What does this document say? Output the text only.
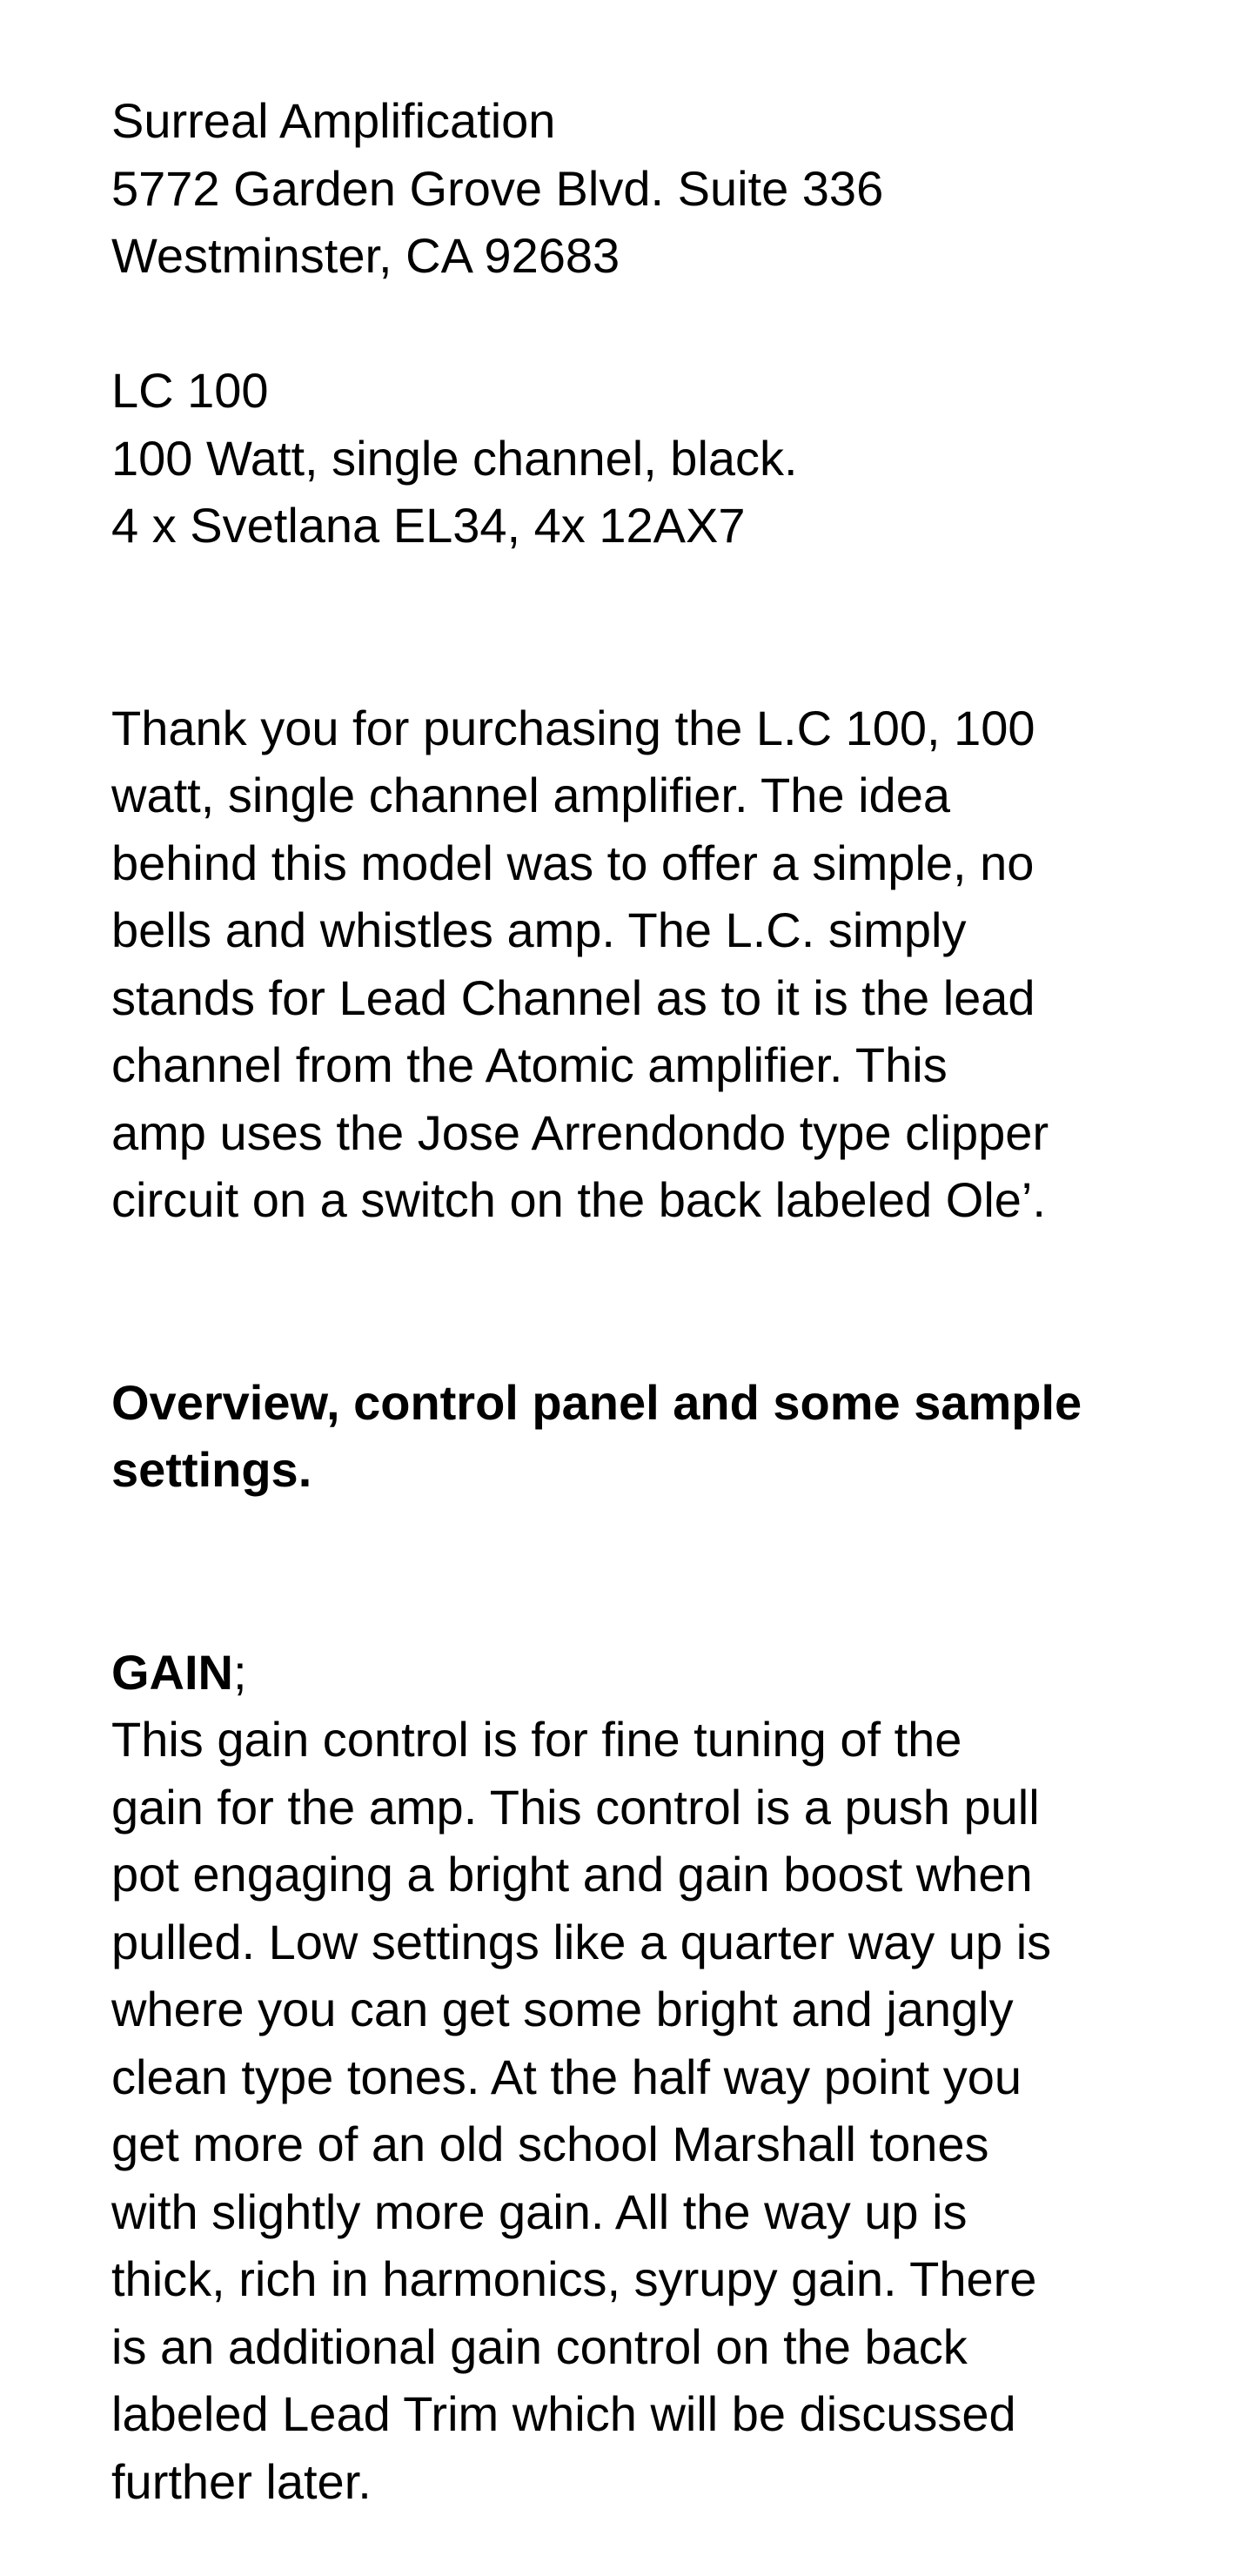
Surreal Amplification
5772 Garden Grove Blvd. Suite 336
Westminster, CA 92683
LC 100
100 Watt, single channel, black.
4 x Svetlana EL34, 4x 12AX7

Thank you for purchasing the L.C 100, 100
watt, single channel amplifier. The idea
behind this model was to offer a simple, no
bells and whistles amp. The L.C. simply
stands for Lead Channel as to it is the lead
channel from the Atomic amplifier. This
amp uses the Jose Arrendondo type clipper
circuit on a switch on the back labeled Ole’.

Overview, control panel and some sample
settings.

GAIN;
This gain control is for fine tuning of the
gain for the amp. This control is a push pull
pot engaging a bright and gain boost when
pulled. Low settings like a quarter way up is
where you can get some bright and jangly
clean type tones. At the half way point you
get more of an old school Marshall tones
with slightly more gain. All the way up is
thick, rich in harmonics, syrupy gain. There
is an additional gain control on the back
labeled Lead Trim which will be discussed
further later.
